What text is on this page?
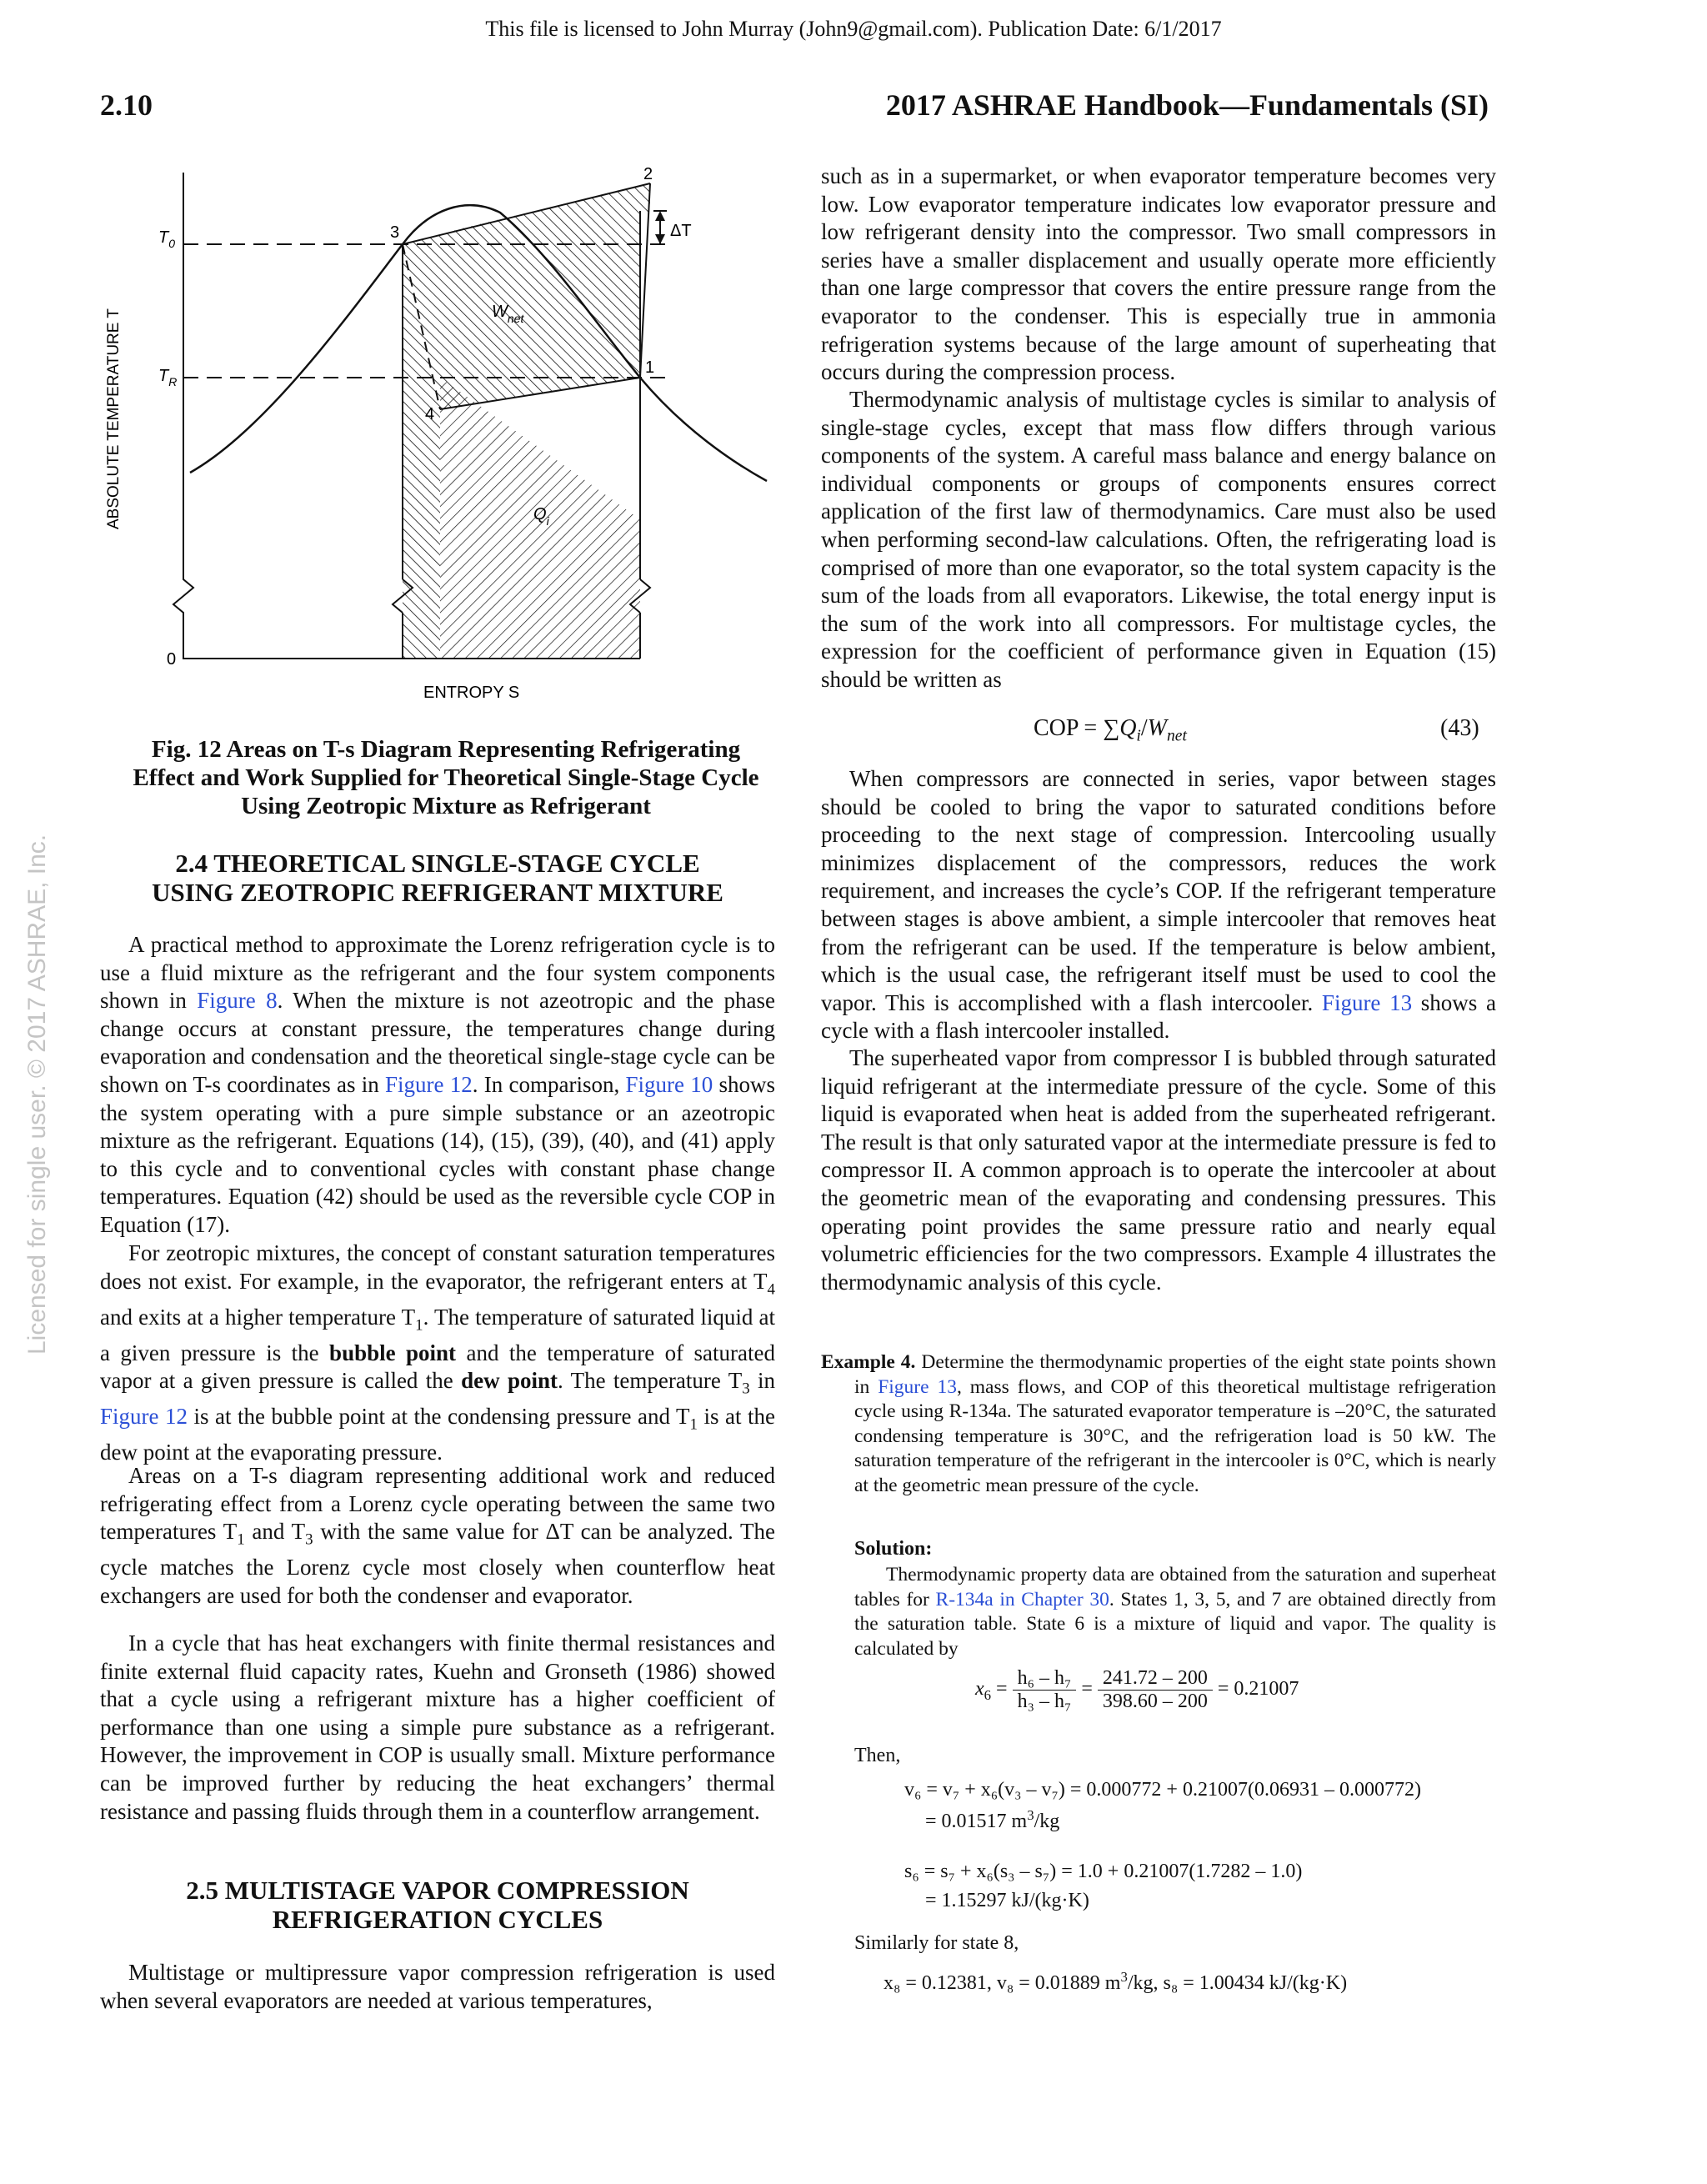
This file is licensed to John Murray (John9@gmail.com). Publication Date: 6/1/2017
2.10	2017 ASHRAE Handbook—Fundamentals (SI)
Licensed for single user. © 2017 ASHRAE, Inc.
ABSOLUTE TEMPERATURE T
ENTROPY S
0
$T_0$
$T_R$
1
2
3
4
ΔT
$W_{net}$
$Q_i$
Fig. 12 Areas on T-s Diagram Representing Refrigerating
Effect and Work Supplied for Theoretical Single-Stage Cycle
Using Zeotropic Mixture as Refrigerant
2.4 THEORETICAL SINGLE-STAGE CYCLE
USING ZEOTROPIC REFRIGERANT MIXTURE

A practical method to approximate the Lorenz refrigeration cycle is to use a fluid mixture as the refrigerant and the four system components shown in Figure 8. When the mixture is not azeotropic and the phase change occurs at constant pressure, the temperatures change during evaporation and condensation and the theoretical single-stage cycle can be shown on T-s coordinates as in Figure 12. In comparison, Figure 10 shows the system operating with a pure simple substance or an azeotropic mixture as the refrigerant. Equations (14), (15), (39), (40), and (41) apply to this cycle and to conventional cycles with constant phase change temperatures. Equation (42) should be used as the reversible cycle COP in Equation (17).

For zeotropic mixtures, the concept of constant saturation temperatures does not exist. For example, in the evaporator, the refrigerant enters at $T_4$ and exits at a higher temperature $T_1$. The temperature of saturated liquid at a given pressure is the bubble point and the temperature of saturated vapor at a given pressure is called the dew point. The temperature $T_3$ in Figure 12 is at the bubble point at the condensing pressure and $T_1$ is at the dew point at the evaporating pressure.

Areas on a T-s diagram representing additional work and reduced refrigerating effect from a Lorenz cycle operating between the same two temperatures $T_1$ and $T_3$ with the same value for ΔT can be analyzed. The cycle matches the Lorenz cycle most closely when counterflow heat exchangers are used for both the condenser and evaporator.

In a cycle that has heat exchangers with finite thermal resistances and finite external fluid capacity rates, Kuehn and Gronseth (1986) showed that a cycle using a refrigerant mixture has a higher coefficient of performance than one using a simple pure substance as a refrigerant. However, the improvement in COP is usually small. Mixture performance can be improved further by reducing the heat exchangers’ thermal resistance and passing fluids through them in a counterflow arrangement.

2.5 MULTISTAGE VAPOR COMPRESSION
REFRIGERATION CYCLES

Multistage or multipressure vapor compression refrigeration is used when several evaporators are needed at various temperatures,

such as in a supermarket, or when evaporator temperature becomes very low. Low evaporator temperature indicates low evaporator pressure and low refrigerant density into the compressor. Two small compressors in series have a smaller displacement and usually operate more efficiently than one large compressor that covers the entire pressure range from the evaporator to the condenser. This is especially true in ammonia refrigeration systems because of the large amount of superheating that occurs during the compression process.

Thermodynamic analysis of multistage cycles is similar to analysis of single-stage cycles, except that mass flow differs through various components of the system. A careful mass balance and energy balance on individual components or groups of components ensures correct application of the first law of thermodynamics. Care must also be used when performing second-law calculations. Often, the refrigerating load is comprised of more than one evaporator, so the total system capacity is the sum of the loads from all evaporators. Likewise, the total energy input is the sum of the work into all compressors. For multistage cycles, the expression for the coefficient of performance given in Equation (15) should be written as

When compressors are connected in series, vapor between stages should be cooled to bring the vapor to saturated conditions before proceeding to the next stage of compression. Intercooling usually minimizes displacement of the compressors, reduces the work requirement, and increases the cycle’s COP. If the refrigerant temperature between stages is above ambient, a simple intercooler that removes heat from the refrigerant can be used. If the temperature is below ambient, which is the usual case, the refrigerant itself must be used to cool the vapor. This is accomplished with a flash intercooler. Figure 13 shows a cycle with a flash intercooler installed.

The superheated vapor from compressor I is bubbled through saturated liquid refrigerant at the intermediate pressure of the cycle. Some of this liquid is evaporated when heat is added from the superheated refrigerant. The result is that only saturated vapor at the intermediate pressure is fed to compressor II. A common approach is to operate the intercooler at about the geometric mean of the evaporating and condensing pressures. This operating point provides the same pressure ratio and nearly equal volumetric efficiencies for the two compressors. Example 4 illustrates the thermodynamic analysis of this cycle.

COP = $\sum Q_i/W_{net}$	(43)

Example 4. Determine the thermodynamic properties of the eight state points shown in Figure 13, mass flows, and COP of this theoretical multistage refrigeration cycle using R-134a. The saturated evaporator temperature is –20°C, the saturated condensing temperature is 30°C, and the refrigeration load is 50 kW. The saturation temperature of the refrigerant in the intercooler is 0°C, which is nearly at the geometric mean pressure of the cycle.

Solution:

Thermodynamic property data are obtained from the saturation and superheat tables for R-134a in Chapter 30. States 1, 3, 5, and 7 are obtained directly from the saturation table. State 6 is a mixture of liquid and vapor. The quality is calculated by

$x_6 = \frac{\text{h₆ – h₇}}{\text{h₃ – h₇}} = \frac{241.72 - 200}{398.60 - 200} = 0.21007$
Then,
v₆ = v₇ + x₆(v₃ – v₇) = 0.000772 + 0.21007(0.06931 – 0.000772)
= 0.01517 $m^3/kg$
s₆ = s₇ + x₆(s₃ – s₇) = 1.0 + 0.21007(1.7282 – 1.0)
= 1.15297 kJ/(kg·K)
Similarly for state 8,
x₈ = 0.12381, v₈ = 0.01889 $m^3/kg$, s₈ = 1.00434 kJ/(kg·K)
